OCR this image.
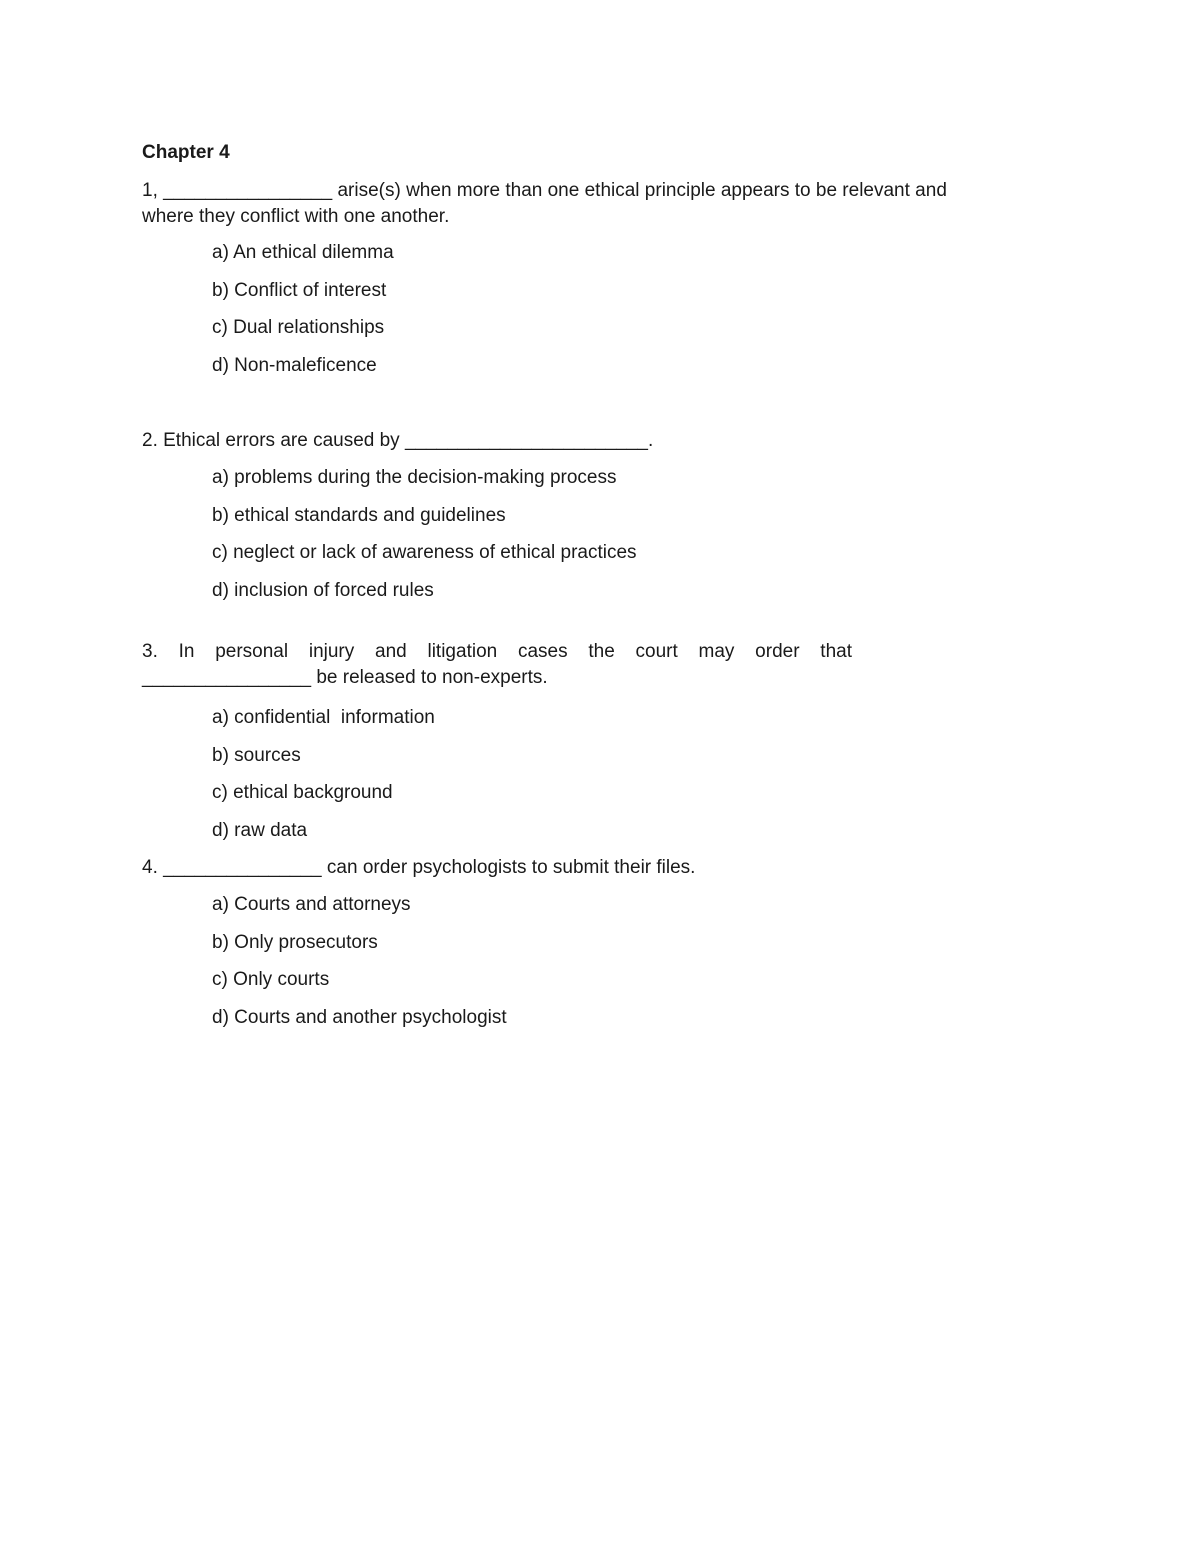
Chapter 4
1, ________________ arise(s) when more than one ethical principle appears to be relevant and
where they conflict with one another.
a) An ethical dilemma
b) Conflict of interest
c) Dual relationships
d) Non-maleficence
2. Ethical errors are caused by _______________________.
a) problems during the decision-making process
b) ethical standards and guidelines
c) neglect or lack of awareness of ethical practices
d) inclusion of forced rules
3. In personal injury and litigation cases the court may order that
________________ be released to non-experts.
a) confidential  information
b) sources
c) ethical background
d) raw data
4. _______________ can order psychologists to submit their files.
a) Courts and attorneys
b) Only prosecutors
c) Only courts
d) Courts and another psychologist
